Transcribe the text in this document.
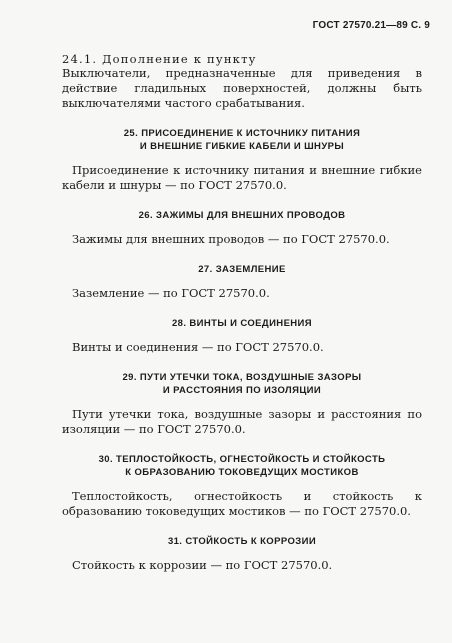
ГОСТ 27570.21—89 С. 9

24.1. Дополнение к пункту

Выключатели, предназначенные для приведения в действие гладильных поверхностей, должны быть выключателями частого срабатывания.

25. ПРИСОЕДИНЕНИЕ К ИСТОЧНИКУ ПИТАНИЯ

И ВНЕШНИЕ ГИБКИЕ КАБЕЛИ И ШНУРЫ

Присоединение к источнику питания и внешние гибкие кабели и шнуры — по ГОСТ 27570.0.

26. ЗАЖИМЫ ДЛЯ ВНЕШНИХ ПРОВОДОВ

Зажимы для внешних проводов — по ГОСТ 27570.0.

27. ЗАЗЕМЛЕНИЕ

Заземление — по ГОСТ 27570.0.

28. ВИНТЫ И СОЕДИНЕНИЯ

Винты и соединения — по ГОСТ 27570.0.

29. ПУТИ УТЕЧКИ ТОКА, ВОЗДУШНЫЕ ЗАЗОРЫ

И РАССТОЯНИЯ ПО ИЗОЛЯЦИИ

Пути утечки тока, воздушные зазоры и расстояния по изоляции — по ГОСТ 27570.0.

30. ТЕПЛОСТОЙКОСТЬ, ОГНЕСТОЙКОСТЬ И СТОЙКОСТЬ

К ОБРАЗОВАНИЮ ТОКОВЕДУЩИХ МОСТИКОВ

Теплостойкость, огнестойкость и стойкость к образованию токоведущих мостиков — по ГОСТ 27570.0.

31. СТОЙКОСТЬ К КОРРОЗИИ

Стойкость к коррозии — по ГОСТ 27570.0.
